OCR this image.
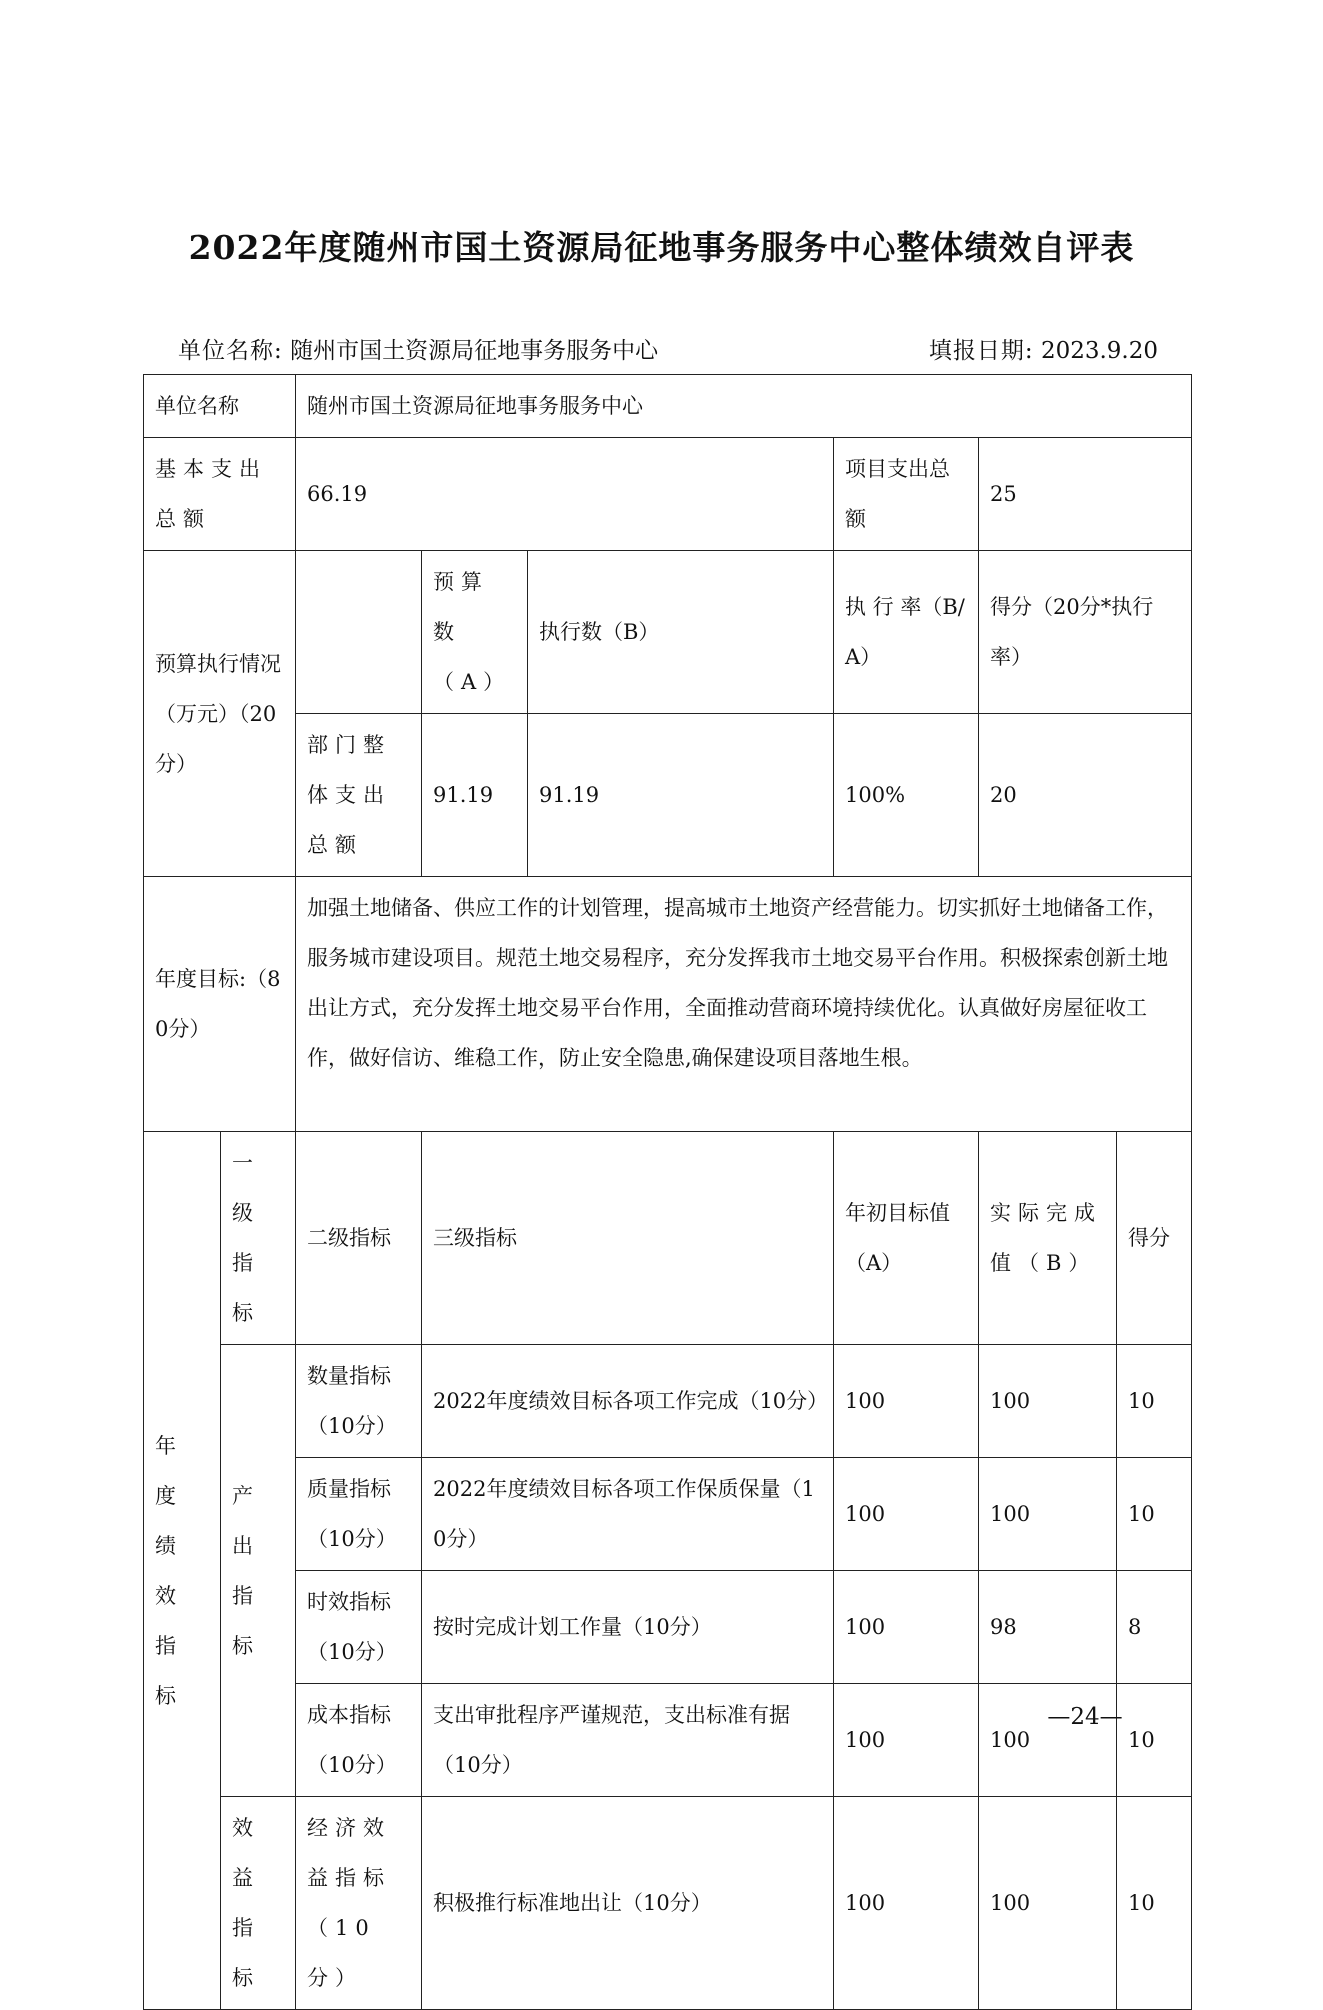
2022年度随州市国土资源局征地事务服务中心整体绩效自评表
单位名称: 随州市国土资源局征地事务服务中心	填报日期: 2023.9.20
单位名称		随州市国土资源局征地事务服务中心					
基本支出总额		66.19			项目支出总额	25	
预算执行情况（万元）（20分）			预算数（A）	执行数（B）	执 行 率（B/A）	得分（20分*执行率）	
		部门整体支出总额	91.19	91.19	100%	20	
年度目标:（80分）		加强土地储备、供应工作的计划管理，提高城市土地资产经营能力。切实抓好土地储备工作，服务城市建设项目。规范土地交易程序，充分发挥我市土地交易平台作用。积极探索创新土地出让方式，充分发挥土地交易平台作用，全面推动营商环境持续优化。认真做好房屋征收工作，做好信访、维稳工作，防止安全隐患,确保建设项目落地生根。					
年度绩效指标	一级指标	二级指标	三级指标		年初目标值（A）	实际完成值（B）	得分
	产出指标	数量指标（10分）	2022年度绩效目标各项工作完成（10分）		100	100	10
		质量指标（10分）	2022年度绩效目标各项工作保质保量（10分）		100	100	10
		时效指标（10分）	按时完成计划工作量（10分）		100	98	8
		成本指标（10分）	支出审批程序严谨规范，支出标准有据（10分）		100	100	10
	效益指标	经济效益指标（10分）	积极推行标准地出让（10分）		100	100	10
—24—
